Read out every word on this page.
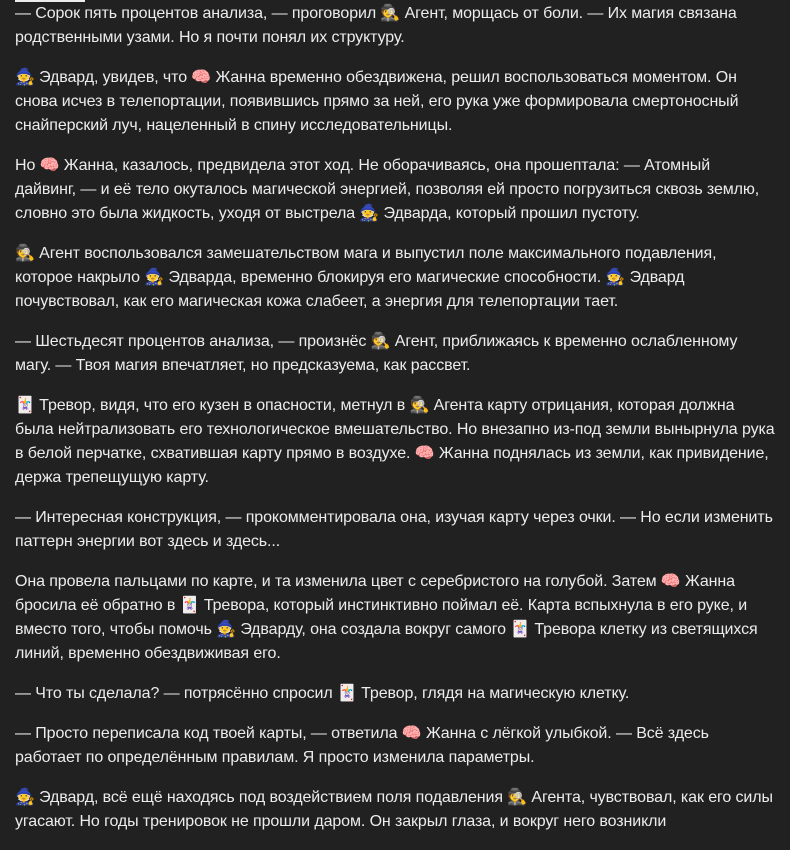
— Сорок пять процентов анализа, — проговорил 🕵️ Агент, морщась от боли. — Их магия связана родственными узами. Но я почти понял их структуру.

🧙 Эдвард, увидев, что 🧠 Жанна временно обездвижена, решил воспользоваться моментом. Он снова исчез в телепортации, появившись прямо за ней, его рука уже формировала смертоносный снайперский луч, нацеленный в спину исследовательницы.

Но 🧠 Жанна, казалось, предвидела этот ход. Не оборачиваясь, она прошептала: — Атомный дайвинг, — и её тело окуталось магической энергией, позволяя ей просто погрузиться сквозь землю, словно это была жидкость, уходя от выстрела 🧙 Эдварда, который прошил пустоту.

🕵️ Агент воспользовался замешательством мага и выпустил поле максимального подавления, которое накрыло 🧙 Эдварда, временно блокируя его магические способности. 🧙 Эдвард почувствовал, как его магическая кожа слабеет, а энергия для телепортации тает.

— Шестьдесят процентов анализа, — произнёс 🕵️ Агент, приближаясь к временно ослабленному магу. — Твоя магия впечатляет, но предсказуема, как рассвет.

🃏 Тревор, видя, что его кузен в опасности, метнул в 🕵️ Агента карту отрицания, которая должна была нейтрализовать его технологическое вмешательство. Но внезапно из-под земли вынырнула рука в белой перчатке, схватившая карту прямо в воздухе. 🧠 Жанна поднялась из земли, как привидение, держа трепещущую карту.

— Интересная конструкция, — прокомментировала она, изучая карту через очки. — Но если изменить паттерн энергии вот здесь и здесь...

Она провела пальцами по карте, и та изменила цвет с серебристого на голубой. Затем 🧠 Жанна бросила её обратно в 🃏 Тревора, который инстинктивно поймал её. Карта вспыхнула в его руке, и вместо того, чтобы помочь 🧙 Эдварду, она создала вокруг самого 🃏 Тревора клетку из светящихся линий, временно обездвиживая его.

— Что ты сделала? — потрясённо спросил 🃏 Тревор, глядя на магическую клетку.

— Просто переписала код твоей карты, — ответила 🧠 Жанна с лёгкой улыбкой. — Всё здесь работает по определённым правилам. Я просто изменила параметры.

🧙 Эдвард, всё ещё находясь под воздействием поля подавления 🕵️ Агента, чувствовал, как его силы угасают. Но годы тренировок не прошли даром. Он закрыл глаза, и вокруг него возникли
